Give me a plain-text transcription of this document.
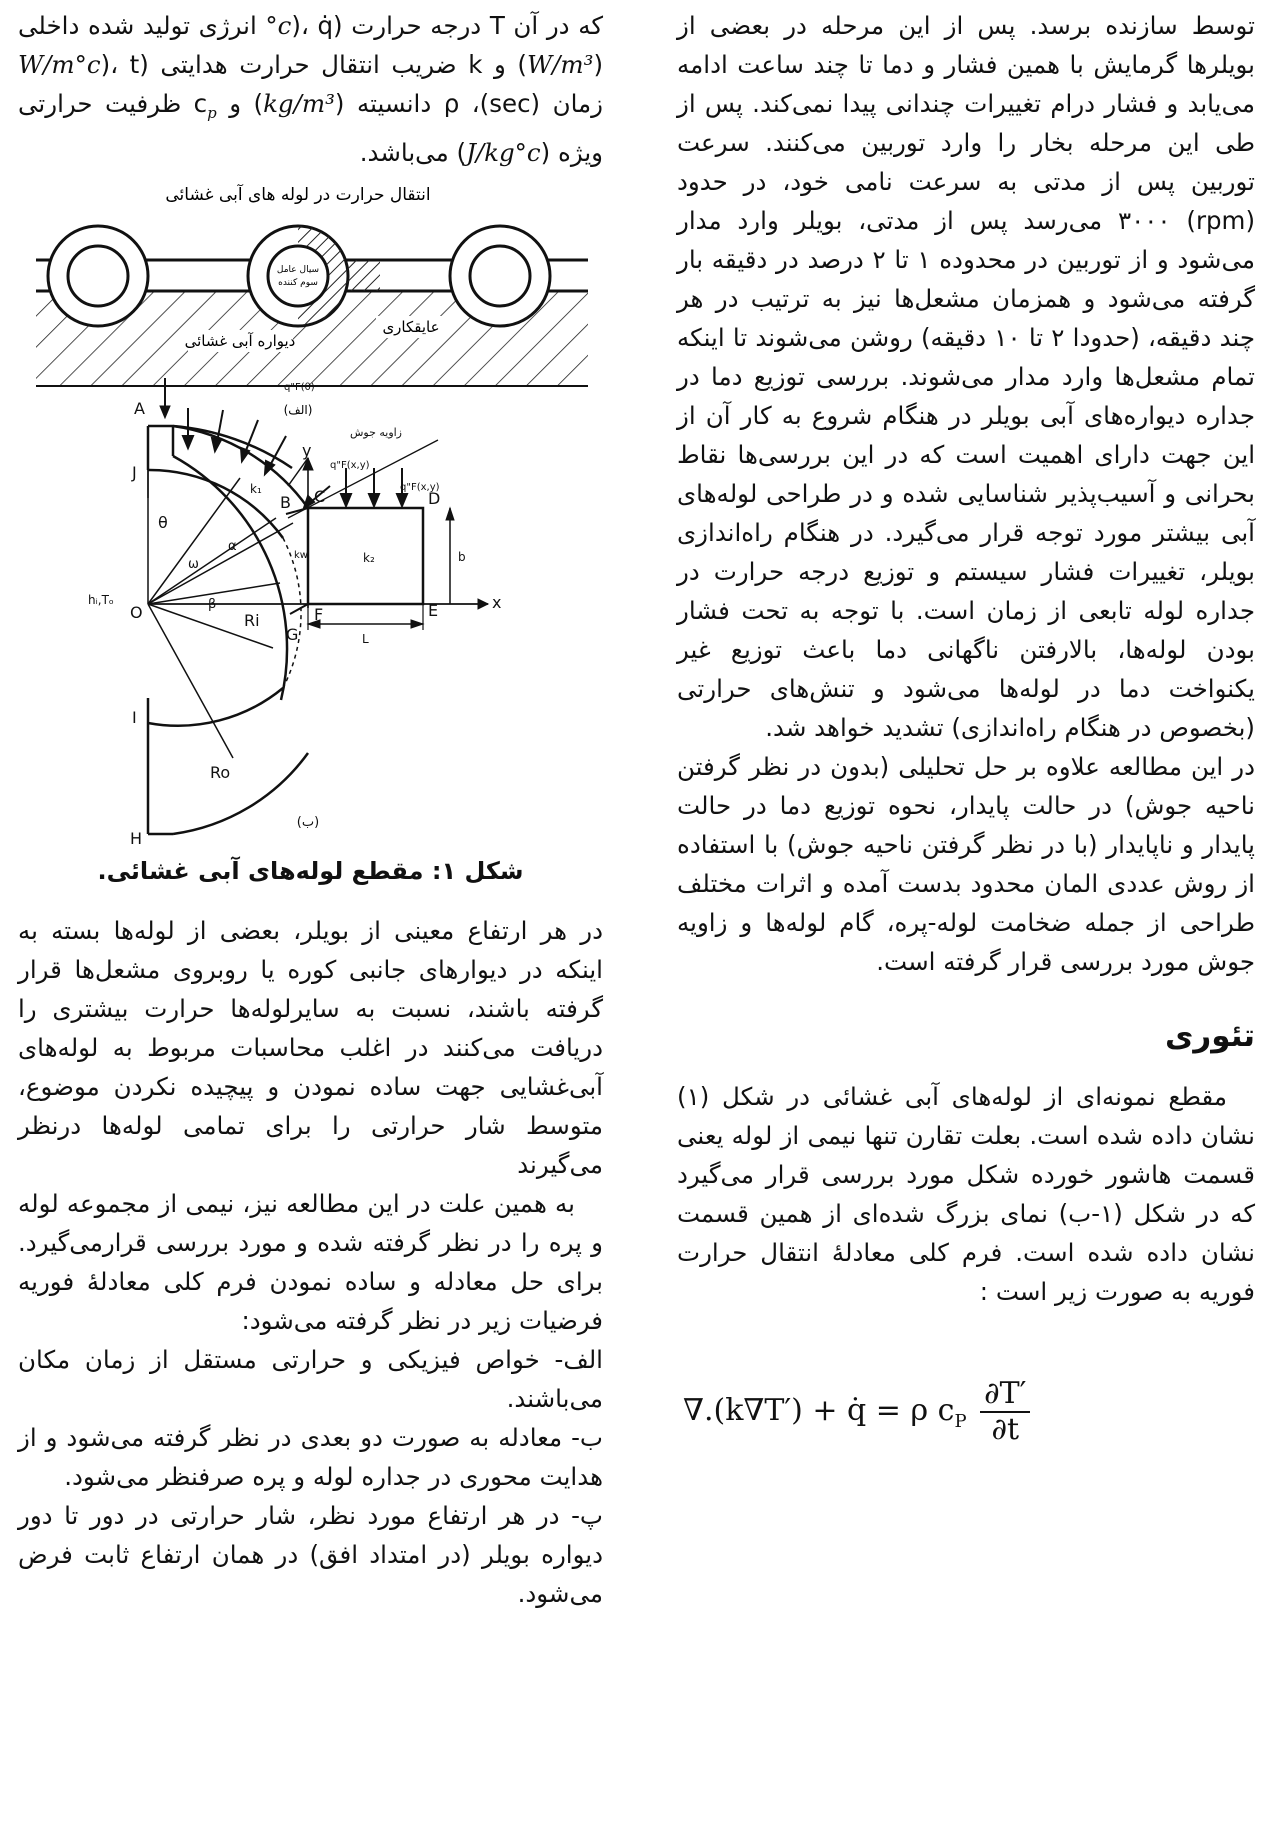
توسط سازنده برسد. پس از این مرحله در بعضی از بویلرها گرمایش با همین فشار و دما تا چند ساعت ادامه می‌یابد و فشار درام تغییرات چندانی پیدا نمی‌کند. پس از طی این مرحله بخار را وارد توربین می‌کنند. سرعت توربین پس از مدتی به سرعت نامی خود، در حدود (rpm) ۳۰۰۰ می‌رسد پس از مدتی، بویلر وارد مدار می‌شود و از توربین در محدوده ۱ تا ۲ درصد در دقیقه بار گرفته می‌شود و همزمان مشعل‌ها نیز به ترتیب در هر چند دقیقه، (حدودا ۲ تا ۱۰ دقیقه) روشن می‌شوند تا اینکه تمام مشعل‌ها وارد مدار می‌شوند. بررسی توزیع دما در جداره دیواره‌های آبی بویلر در هنگام شروع به کار آن از این جهت دارای اهمیت است که در این بررسی‌ها نقاط بحرانی و آسیب‌پذیر شناسایی شده و در طراحی لوله‌های آبی بیشتر مورد توجه قرار می‌گیرد. در هنگام راه‌اندازی بویلر، تغییرات فشار سیستم و توزیع درجه حرارت در جداره لوله تابعی از زمان است. با توجه به تحت فشار بودن لوله‌ها، بالارفتن ناگهانی دما باعث توزیع غیر یکنواخت دما در لوله‌ها می‌شود و تنش‌های حرارتی (بخصوص در هنگام راه‌اندازی) تشدید خواهد شد.

در این مطالعه علاوه بر حل تحلیلی (بدون در نظر گرفتن ناحیه جوش) در حالت پایدار، نحوه توزیع دما در حالت پایدار و ناپایدار (با در نظر گرفتن ناحیه جوش) با استفاده از روش عددی المان محدود بدست آمده و اثرات مختلف طراحی از جمله ضخامت لوله-پره، گام لوله‌ها و زاویه جوش مورد بررسی قرار گرفته است.

تئوری

مقطع نمونه‌ای از لوله‌های آبی غشائی در شکل (۱) نشان داده شده است. بعلت تقارن تنها نیمی از لوله یعنی قسمت هاشور خورده شکل مورد بررسی قرار می‌گیرد که در شکل (۱-ب) نمای بزرگ شده‌ای از همین قسمت نشان داده شده است. فرم کلی معادلهٔ انتقال حرارت فوریه به صورت زیر است :

∇.(k∇T′) + q̇ = ρ $c_P \frac{\partial T'}{\partial t}$

که در آن T درجه حرارت (°c)، q̇ انرژی تولید شده داخلی (W/m³) و k ضریب انتقال حرارت هدایتی (W/m°c)، t زمان (sec)، ρ دانسیته (kg/m³) و $c_p$ ظرفیت حرارتی ویژه (J/kg°c) می‌باشد.

انتقال حرارت در لوله های آبی غشائی
سیال عامل
سوم کننده
دیواره آبی غشائی
عایقکاری
(الف)
A
B C	D
E
F
G
H
I
J
O
x
y
Ri
Ro
k₁
k₂
kw
L
b
hᵢ,Tₒ
θ
ω
α
β
q"F(θ)
q"F(x,y)
q"F(x,y)
زاویه جوش
(ب)
شکل ۱: مقطع لوله‌های آبی غشائی.

در هر ارتفاع معینی از بویلر، بعضی از لوله‌ها بسته به اینکه در دیوارهای جانبی کوره یا روبروی مشعل‌ها قرار گرفته باشند، نسبت به سایرلوله‌ها حرارت بیشتری را دریافت می‌کنند در اغلب محاسبات مربوط به لوله‌های آبی‌غشایی جهت ساده نمودن و پیچیده نکردن موضوع، متوسط شار حرارتی را برای تمامی لوله‌ها درنظر می‌گیرند

به همین علت در این مطالعه نیز، نیمی از مجموعه لوله و پره را در نظر گرفته شده و مورد بررسی قرارمی‌گیرد. برای حل معادله و ساده نمودن فرم کلی معادلهٔ فوریه فرضیات زیر در نظر گرفته می‌شود:

الف- خواص فیزیکی و حرارتی مستقل از زمان مکان می‌باشند.

ب- معادله به صورت دو بعدی در نظر گرفته می‌شود و از هدایت محوری در جداره لوله و پره صرفنظر می‌شود.

پ- در هر ارتفاع مورد نظر، شار حرارتی در دور تا دور دیواره بویلر (در امتداد افق) در همان ارتفاع ثابت فرض می‌شود.
